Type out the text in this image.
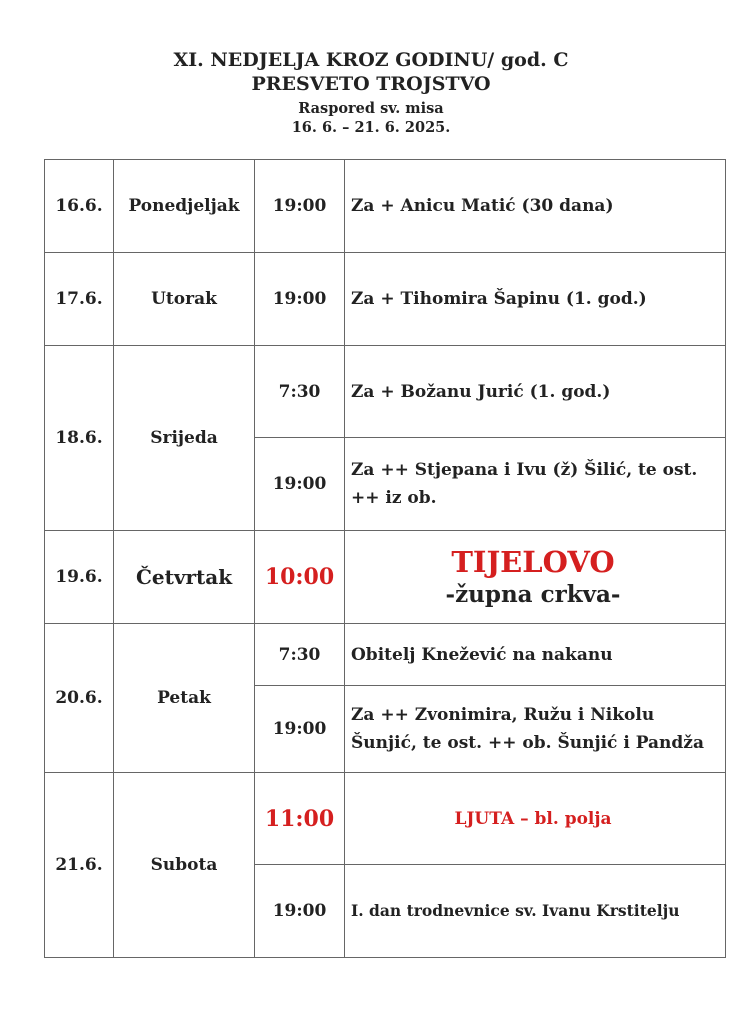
XI. NEDJELJA KROZ GODINU/ god. C
PRESVETO TROJSTVO
Raspored sv. misa
16. 6. – 21. 6. 2025.
16.6.	Ponedjeljak	19:00	Za + Anicu Matić (30 dana)
17.6.	Utorak	19:00	Za + Tihomira Šapinu (1. god.)
18.6.	Srijeda	7:30	Za + Božanu Jurić (1. god.)
		19:00	Za ++ Stjepana i Ivu (ž) Šilić, te ost. ++ iz ob.
19.6.	Četvrtak	10:00	TIJELOVO
-župna crkva-

20.6.	Petak	7:30	Obitelj Knežević na nakanu
		19:00	Za ++ Zvonimira, Ružu i Nikolu Šunjić, te ost. ++ ob. Šunjić i Pandža
21.6.	Subota	11:00	LJUTA – bl. polja
		19:00	I. dan trodnevnice sv. Ivanu Krstitelju
